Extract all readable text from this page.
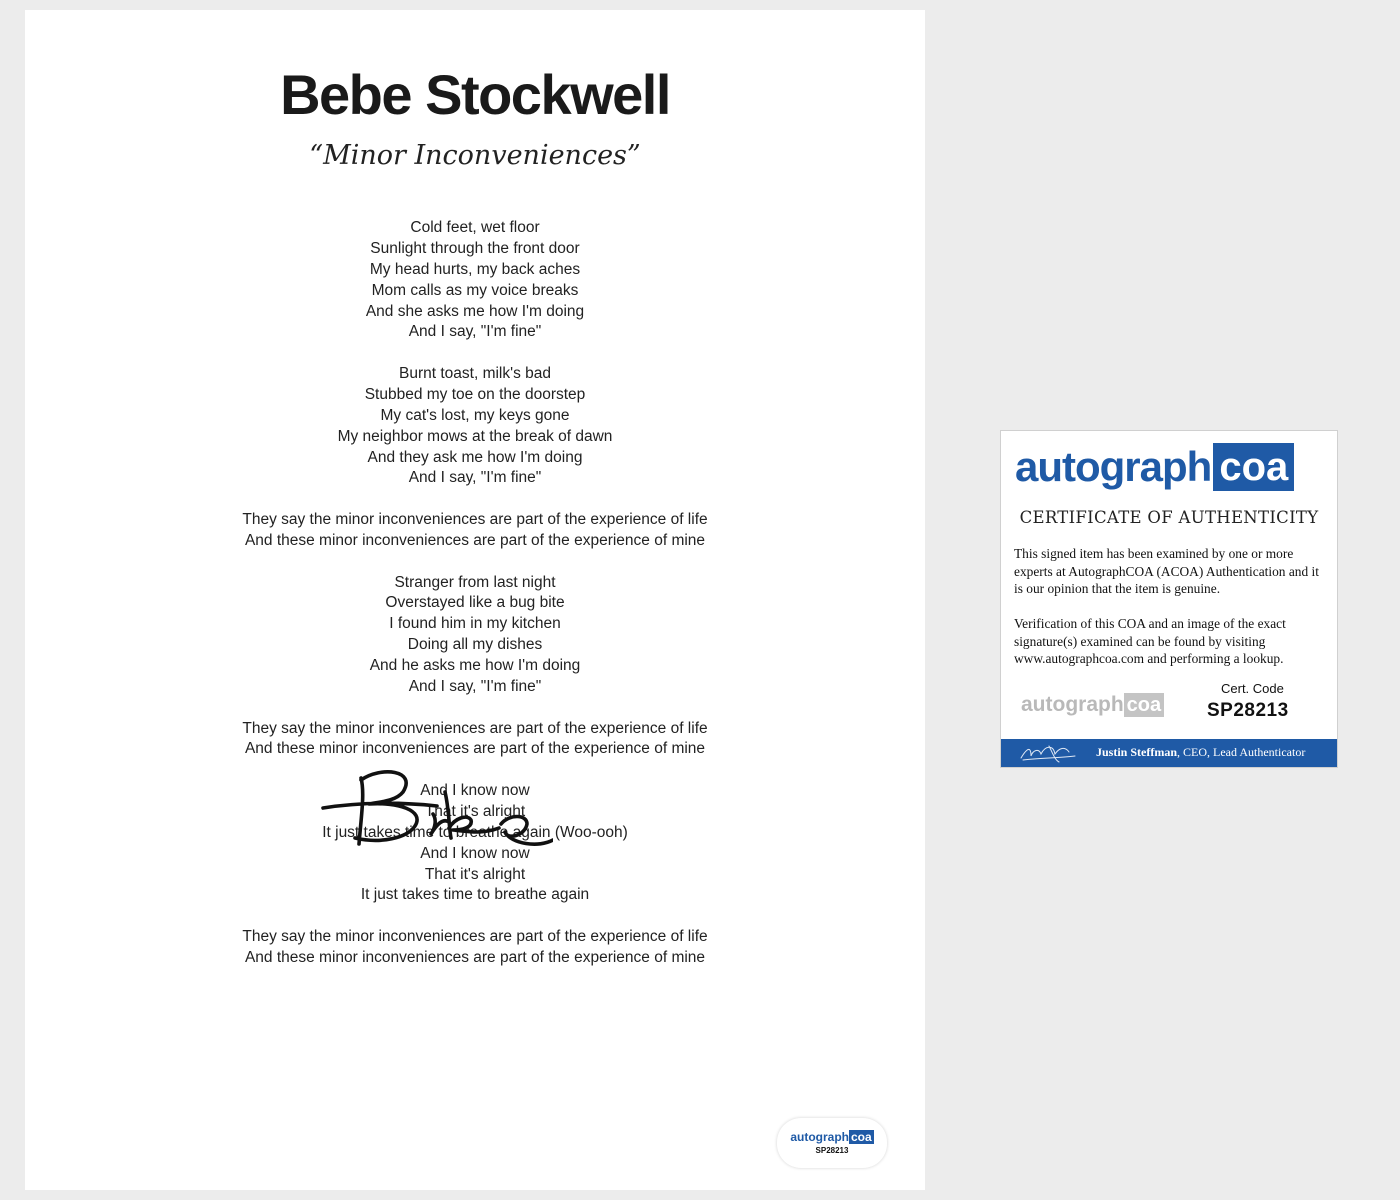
Bebe Stockwell
“Minor Inconveniences”
Cold feet, wet floor
Sunlight through the front door
My head hurts, my back aches
Mom calls as my voice breaks
And she asks me how I'm doing
And I say, "I'm fine"
Burnt toast, milk's bad
Stubbed my toe on the doorstep
My cat's lost, my keys gone
My neighbor mows at the break of dawn
And they ask me how I'm doing
And I say, "I'm fine"
They say the minor inconveniences are part of the experience of life
And these minor inconveniences are part of the experience of mine
Stranger from last night
Overstayed like a bug bite
I found him in my kitchen
Doing all my dishes
And he asks me how I'm doing
And I say, "I'm fine"
They say the minor inconveniences are part of the experience of life
And these minor inconveniences are part of the experience of mine
And I know now
That it's alright
It just takes time to breathe again (Woo-ooh)
And I know now
That it's alright
It just takes time to breathe again
They say the minor inconveniences are part of the experience of life
And these minor inconveniences are part of the experience of mine
autograph coa
SP28213
autograph coa
CERTIFICATE OF AUTHENTICITY
This signed item has been examined by one or more experts at AutographCOA (ACOA) Authentication and it is our opinion that the item is genuine.
Verification of this COA and an image of the exact signature(s) examined can be found by visiting www.autographcoa.com and performing a lookup.
autograph coa
Cert. Code
SP28213
Justin Steffman, CEO, Lead Authenticator
